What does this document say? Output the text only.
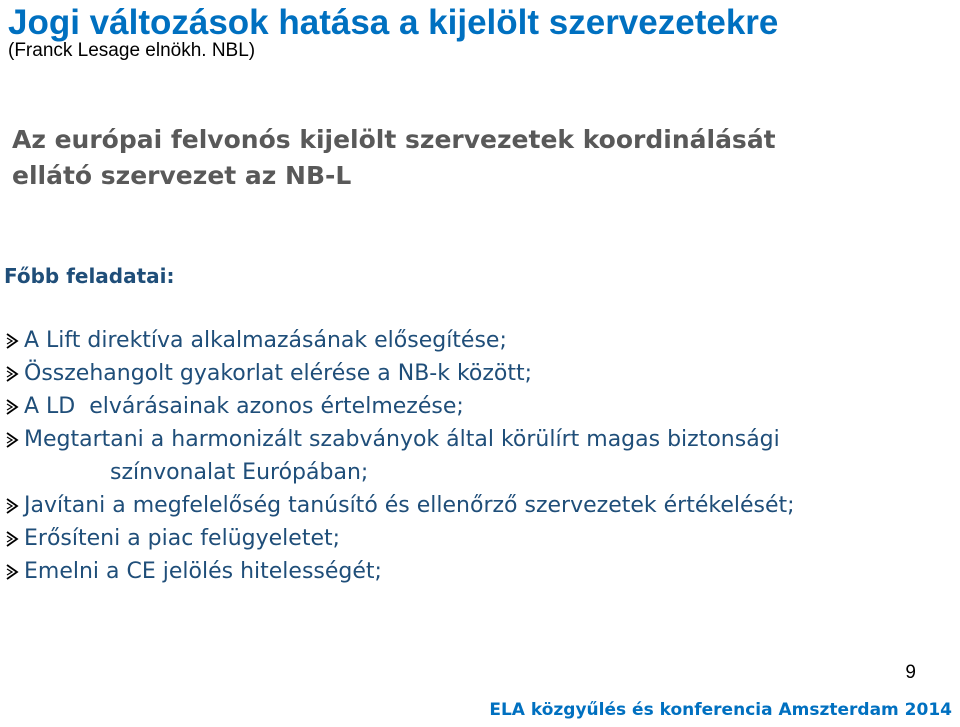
Jogi változások hatása a kijelölt szervezetekre
(Franck Lesage elnökh. NBL)
Az európai felvonós kijelölt szervezetek koordinálását
ellátó szervezet az NB-L
Főbb feladatai:
A Lift direktíva alkalmazásának elősegítése;
Összehangolt gyakorlat elérése a NB-k között;
A LD  elvárásainak azonos értelmezése;
Megtartani a harmonizált szabványok által körülírt magas biztonsági
színvonalat Európában;
Javítani a megfelelőség tanúsító és ellenőrző szervezetek értékelését;
Erősíteni a piac felügyeletet;
Emelni a CE jelölés hitelességét;
9
ELA közgyűlés és konferencia Amszterdam 2014
